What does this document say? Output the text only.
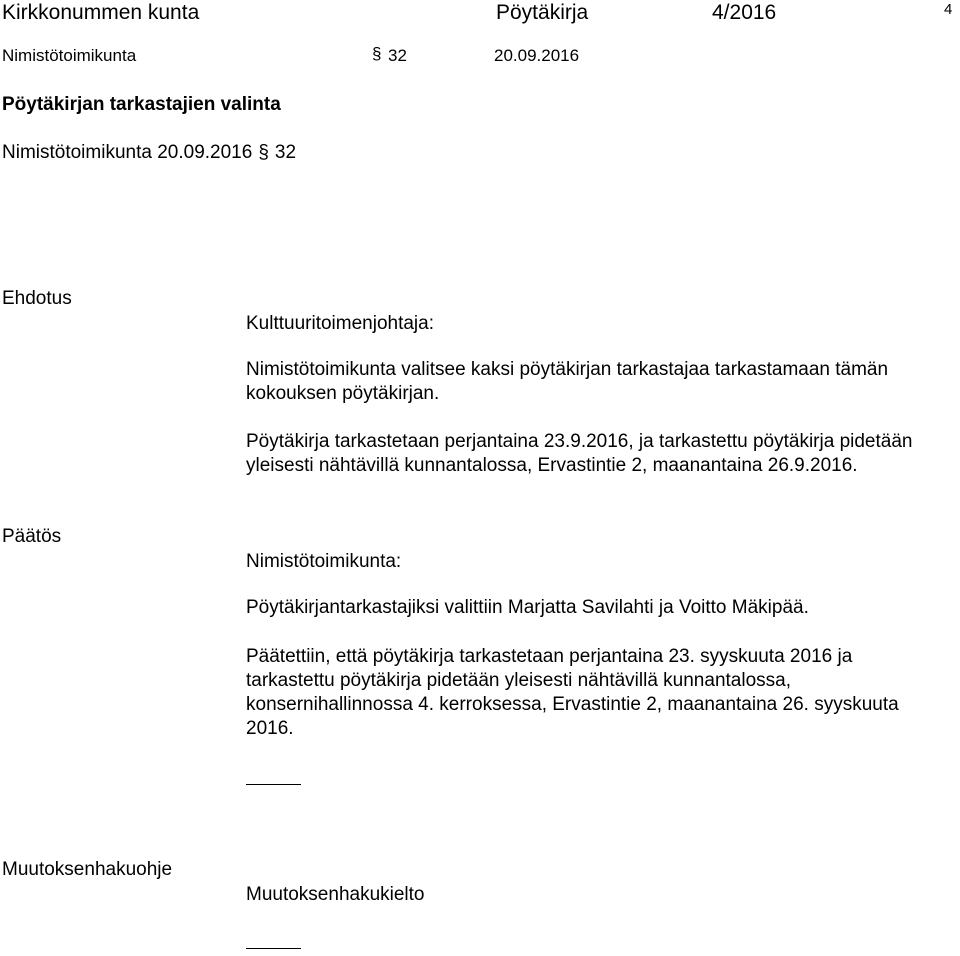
Kirkkonummen kunta	Pöytäkirja	4/2016	4
Nimistötoimikunta	§ 32	20.09.2016
Pöytäkirjan tarkastajien valinta
Nimistötoimikunta 20.09.2016 § 32
Ehdotus
Kulttuuritoimenjohtaja:
Nimistötoimikunta valitsee kaksi pöytäkirjan tarkastajaa tarkastamaan tämän kokouksen pöytäkirjan.
Pöytäkirja tarkastetaan perjantaina 23.9.2016, ja tarkastettu pöytäkirja pidetään yleisesti nähtävillä kunnantalossa, Ervastintie 2, maanantaina 26.9.2016.
Päätös
Nimistötoimikunta:
Pöytäkirjantarkastajiksi valittiin Marjatta Savilahti ja Voitto Mäkipää.
Päätettiin, että pöytäkirja tarkastetaan perjantaina 23. syyskuuta 2016 ja tarkastettu pöytäkirja pidetään yleisesti nähtävillä kunnantalossa, konsernihallinnossa 4. kerroksessa, Ervastintie 2, maanantaina 26. syyskuuta 2016.
Muutoksenhakuohje
Muutoksenhakukielto
